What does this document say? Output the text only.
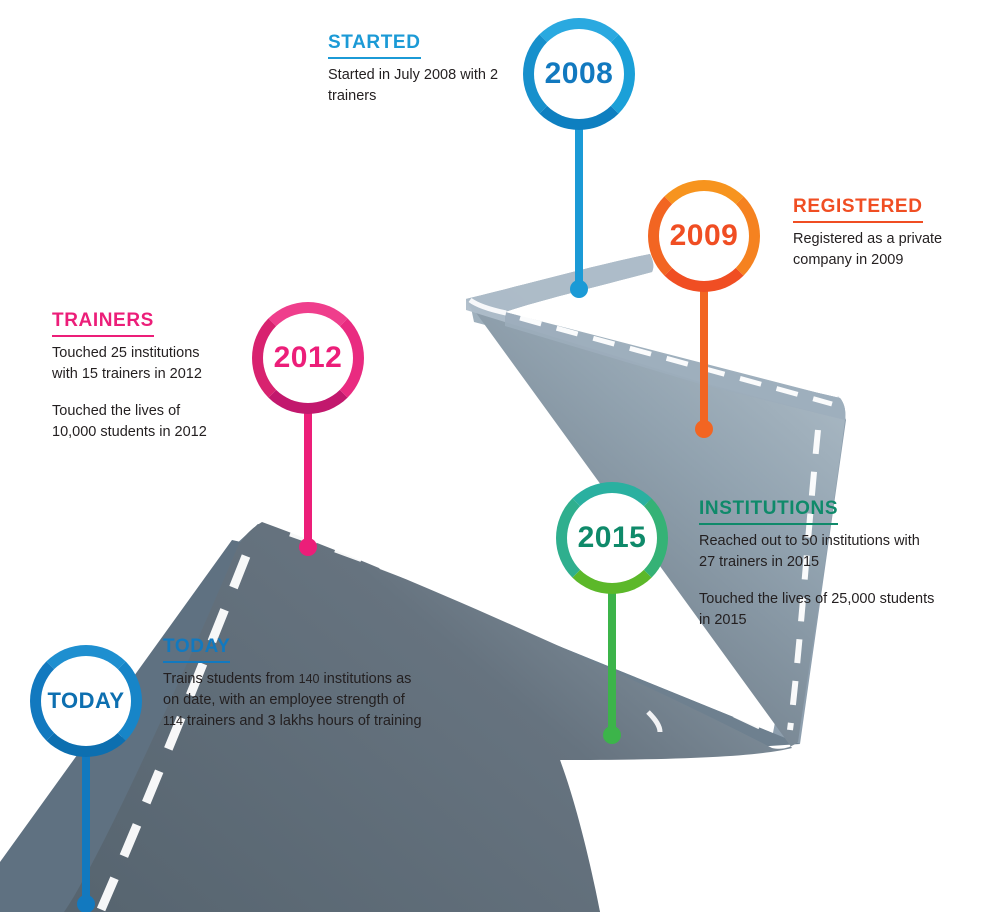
2008
2009
2012
2015
TODAY
STARTED
Started in July 2008 with 2 trainers
REGISTERED
Registered as a private company in 2009
TRAINERS
Touched 25 institutions with 15 trainers in 2012
Touched the lives of 10,000 students in 2012
INSTITUTIONS
Reached out to 50 institutions with 27 trainers in 2015
Touched the lives of 25,000 students in 2015
TODAY
Trains students from 140 institutions as on date, with an employee strength of 114 trainers and 3 lakhs hours of training
